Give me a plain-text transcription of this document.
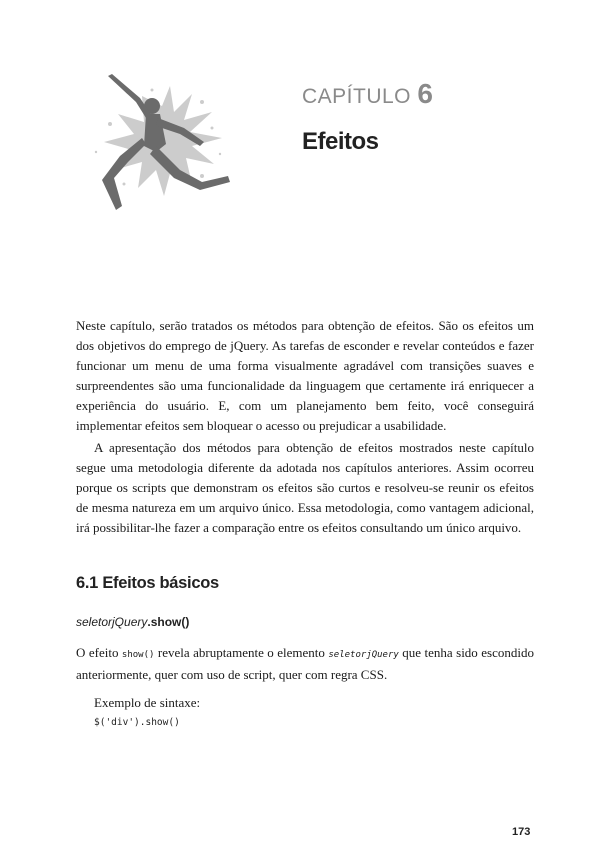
CAPÍTULO 6
Efeitos

Neste capítulo, serão tratados os métodos para obtenção de efeitos. São os efeitos um dos objetivos do emprego de jQuery. As tarefas de esconder e revelar conteúdos e fazer funcionar um menu de uma forma visualmente agradável com transições suaves e surpreendentes são uma funcionalidade da linguagem que certamente irá enriquecer a experiência do usuário. E, com um planejamento bem feito, você conseguirá implementar efeitos sem bloquear o acesso ou prejudicar a usabilidade.

A apresentação dos métodos para obtenção de efeitos mostrados neste capítulo segue uma metodologia diferente da adotada nos capítulos anteriores. Assim ocorreu porque os scripts que demonstram os efeitos são curtos e resolveu-se reunir os efeitos de mesma natureza em um arquivo único. Essa metodologia, como vantagem adicional, irá possibilitar-lhe fazer a comparação entre os efeitos consultando um único arquivo.

6.1 Efeitos básicos
seletorjQuery.show()

O efeito show() revela abruptamente o elemento seletorjQuery que tenha sido escondido anteriormente, quer com uso de script, quer com regra CSS.

Exemplo de sintaxe:
$('div').show()
173
